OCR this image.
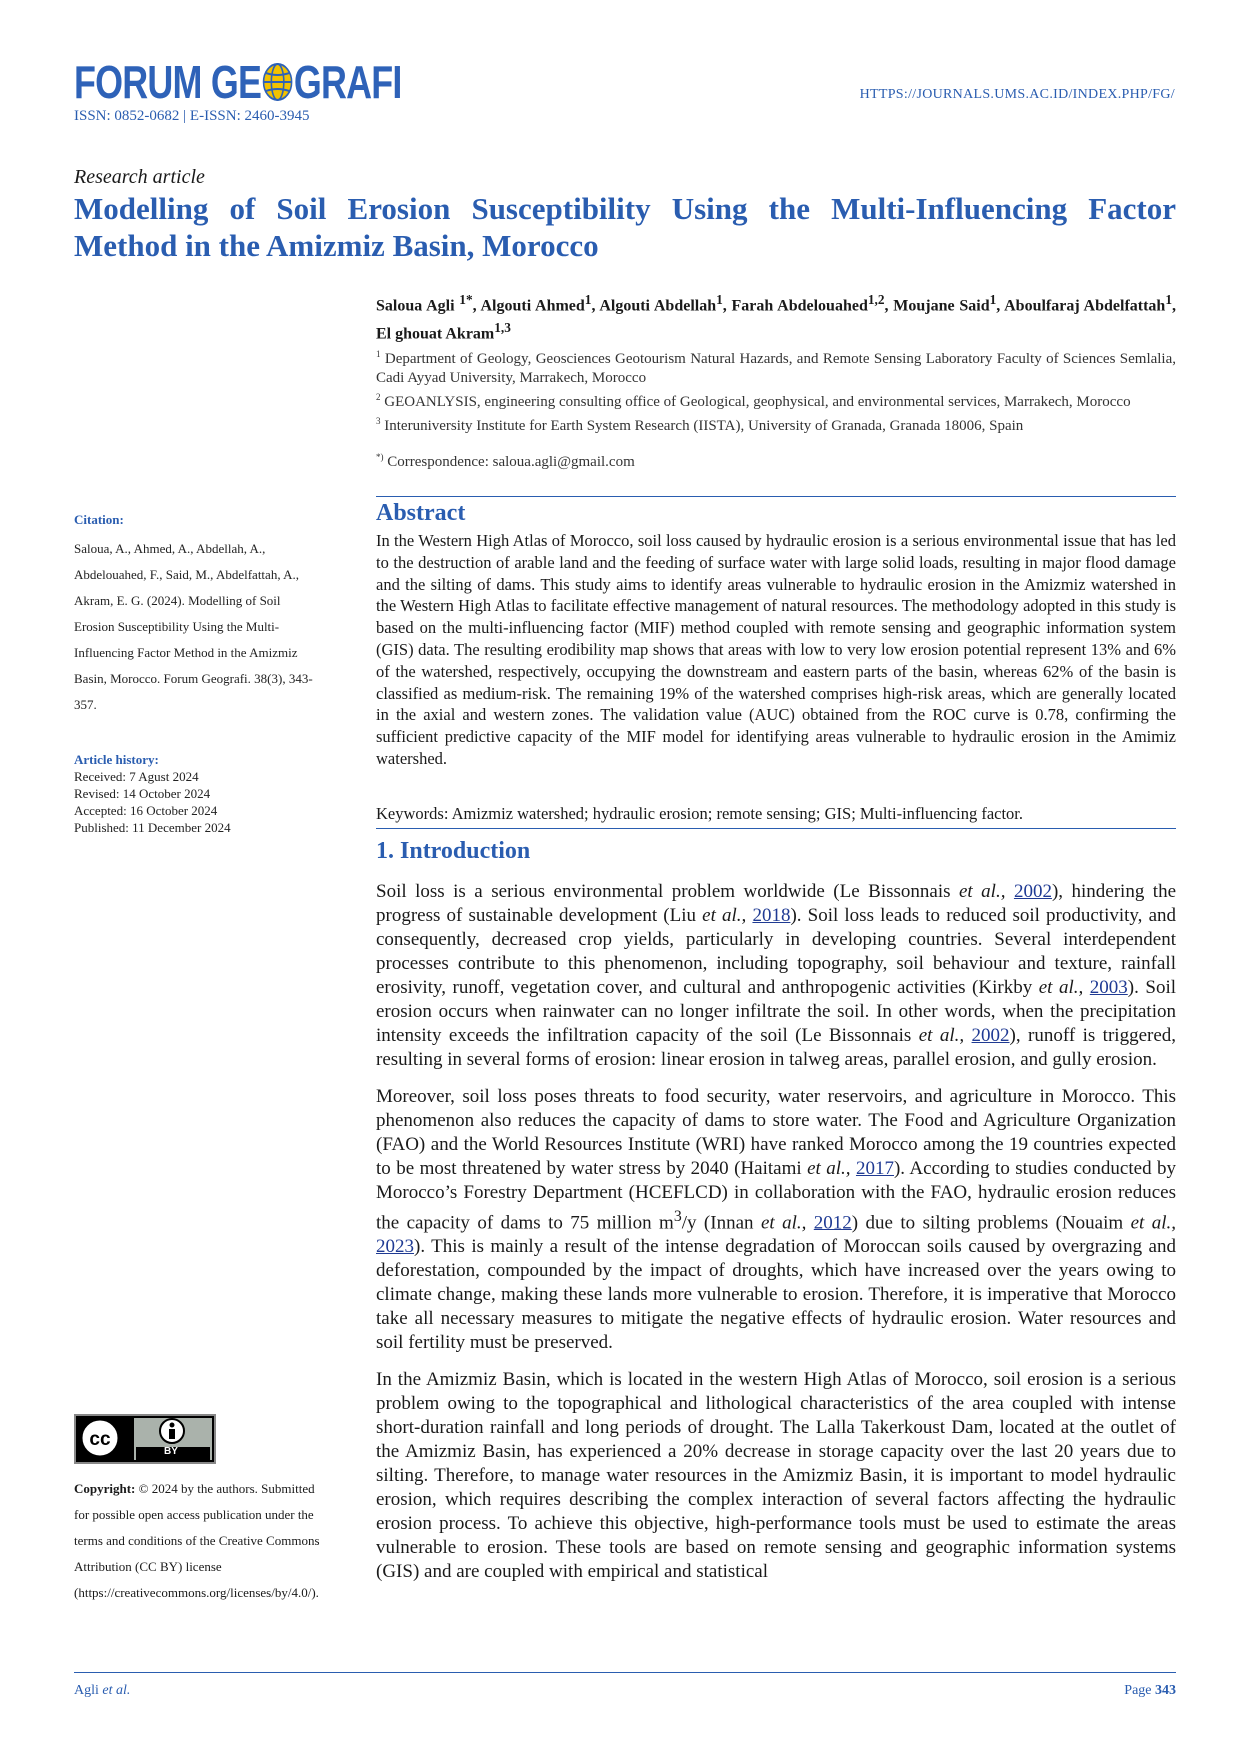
FORUM GE GRAFI
ISSN: 0852-0682 | E-ISSN: 2460-3945
HTTPS://JOURNALS.UMS.AC.ID/INDEX.PHP/FG/
Research article
Modelling of Soil Erosion Susceptibility Using the Multi-Influencing Factor Method in the Amizmiz Basin, Morocco
Saloua Agli $^{1*}$, Algouti Ahmed$^1$, Algouti Abdellah$^1$, Farah Abdelouahed$^{1,2}$, Moujane Said$^1$, Aboulfaraj Abdelfattah$^1$, El ghouat Akram$^{1,3}$

$^1$ Department of Geology, Geosciences Geotourism Natural Hazards, and Remote Sensing Laboratory Faculty of Sciences Semlalia, Cadi Ayyad University, Marrakech, Morocco

$^2$ GEOANLYSIS, engineering consulting office of Geological, geophysical, and environmental services, Marrakech, Morocco

$^3$ Interuniversity Institute for Earth System Research (IISTA), University of Granada, Granada 18006, Spain

*) Correspondence: saloua.agli@gmail.com

Citation:
Saloua, A., Ahmed, A., Abdellah, A., Abdelouahed, F., Said, M., Abdelfattah, A., Akram, E. G. (2024). Modelling of Soil Erosion Susceptibility Using the Multi-Influencing Factor Method in the Amizmiz Basin, Morocco. Forum Geografi. 38(3), 343-357.
Article history:
Received: 7 Agust 2024
Revised: 14 October 2024
Accepted: 16 October 2024
Published: 11 December 2024
cc
BY
Copyright: © 2024 by the authors. Submitted for possible open access publication under the terms and conditions of the Creative Commons Attribution (CC BY) license (https://creativecommons.org/licenses/by/4.0/).
Abstract
In the Western High Atlas of Morocco, soil loss caused by hydraulic erosion is a serious environmental issue that has led to the destruction of arable land and the feeding of surface water with large solid loads, resulting in major flood damage and the silting of dams. This study aims to identify areas vulnerable to hydraulic erosion in the Amizmiz watershed in the Western High Atlas to facilitate effective management of natural resources. The methodology adopted in this study is based on the multi-influencing factor (MIF) method coupled with remote sensing and geographic information system (GIS) data. The resulting erodibility map shows that areas with low to very low erosion potential represent 13% and 6% of the watershed, respectively, occupying the downstream and eastern parts of the basin, whereas 62% of the basin is classified as medium-risk. The remaining 19% of the watershed comprises high-risk areas, which are generally located in the axial and western zones. The validation value (AUC) obtained from the ROC curve is 0.78, confirming the sufficient predictive capacity of the MIF model for identifying areas vulnerable to hydraulic erosion in the Amimiz watershed.
Keywords: Amizmiz watershed; hydraulic erosion; remote sensing; GIS; Multi-influencing factor.
1. Introduction

Soil loss is a serious environmental problem worldwide (Le Bissonnais et al., 2002), hindering the progress of sustainable development (Liu et al., 2018). Soil loss leads to reduced soil productivity, and consequently, decreased crop yields, particularly in developing countries. Several interdependent processes contribute to this phenomenon, including topography, soil behaviour and texture, rainfall erosivity, runoff, vegetation cover, and cultural and anthropogenic activities (Kirkby et al., 2003). Soil erosion occurs when rainwater can no longer infiltrate the soil. In other words, when the precipitation intensity exceeds the infiltration capacity of the soil (Le Bissonnais et al., 2002), runoff is triggered, resulting in several forms of erosion: linear erosion in talweg areas, parallel erosion, and gully erosion.

Moreover, soil loss poses threats to food security, water reservoirs, and agriculture in Morocco. This phenomenon also reduces the capacity of dams to store water. The Food and Agriculture Organization (FAO) and the World Resources Institute (WRI) have ranked Morocco among the 19 countries expected to be most threatened by water stress by 2040 (Haitami et al., 2017). According to studies conducted by Morocco’s Forestry Department (HCEFLCD) in collaboration with the FAO, hydraulic erosion reduces the capacity of dams to 75 million $m^3/y$ (Innan et al., 2012) due to silting problems (Nouaim et al., 2023). This is mainly a result of the intense degradation of Moroccan soils caused by overgrazing and deforestation, compounded by the impact of droughts, which have increased over the years owing to climate change, making these lands more vulnerable to erosion. Therefore, it is imperative that Morocco take all necessary measures to mitigate the negative effects of hydraulic erosion. Water resources and soil fertility must be preserved.

In the Amizmiz Basin, which is located in the western High Atlas of Morocco, soil erosion is a serious problem owing to the topographical and lithological characteristics of the area coupled with intense short-duration rainfall and long periods of drought. The Lalla Takerkoust Dam, located at the outlet of the Amizmiz Basin, has experienced a 20% decrease in storage capacity over the last 20 years due to silting. Therefore, to manage water resources in the Amizmiz Basin, it is important to model hydraulic erosion, which requires describing the complex interaction of several factors affecting the hydraulic erosion process. To achieve this objective, high-performance tools must be used to estimate the areas vulnerable to erosion. These tools are based on remote sensing and geographic information systems (GIS) and are coupled with empirical and statistical

Agli et al.	Page 343
